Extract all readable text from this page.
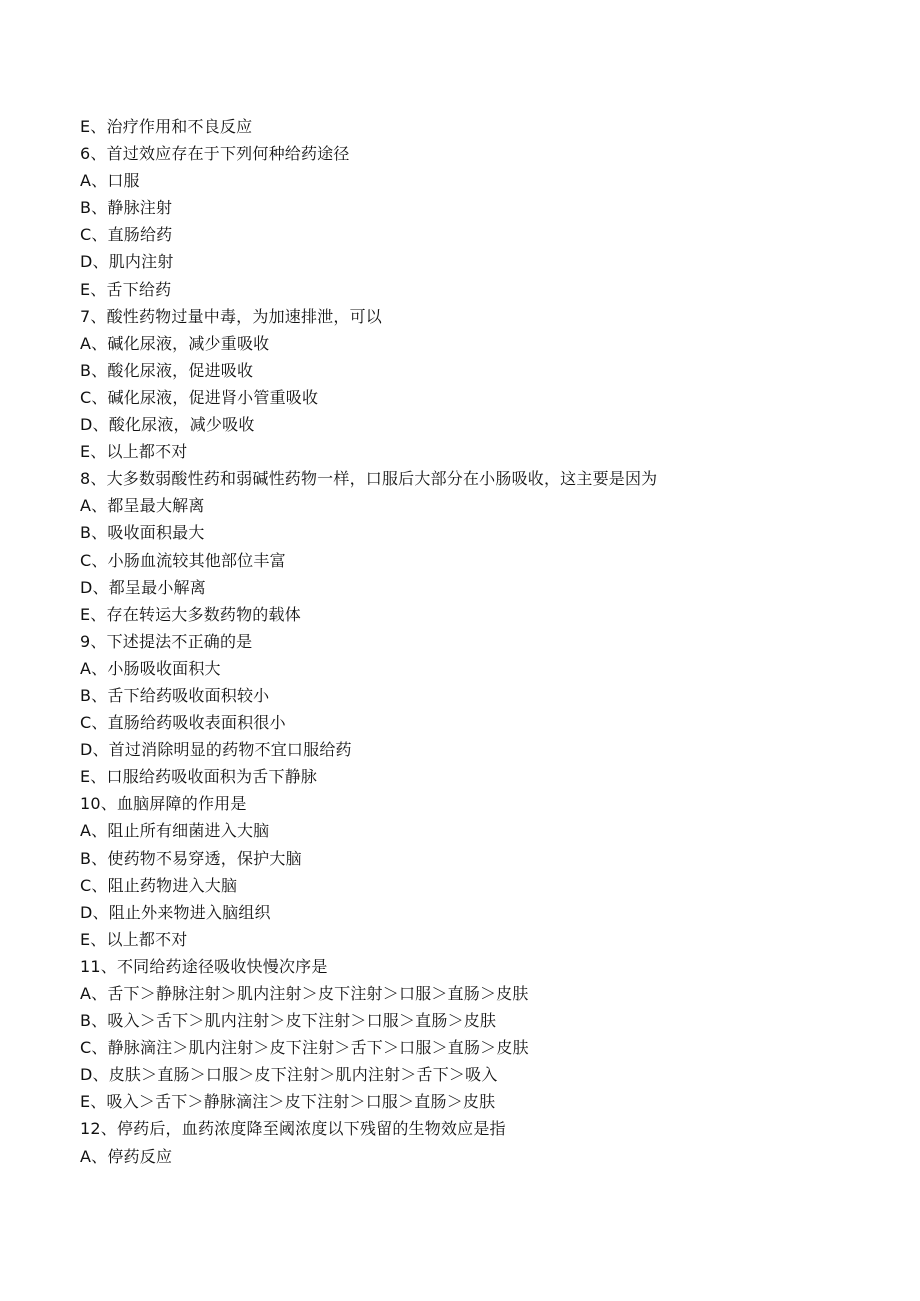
E、治疗作用和不良反应
6、首过效应存在于下列何种给药途径
A、口服
B、静脉注射
C、直肠给药
D、肌内注射
E、舌下给药
7、酸性药物过量中毒，为加速排泄，可以
A、碱化尿液，减少重吸收
B、酸化尿液，促进吸收
C、碱化尿液，促进肾小管重吸收
D、酸化尿液，减少吸收
E、以上都不对
8、大多数弱酸性药和弱碱性药物一样，口服后大部分在小肠吸收，这主要是因为
A、都呈最大解离
B、吸收面积最大
C、小肠血流较其他部位丰富
D、都呈最小解离
E、存在转运大多数药物的载体
9、下述提法不正确的是
A、小肠吸收面积大
B、舌下给药吸收面积较小
C、直肠给药吸收表面积很小
D、首过消除明显的药物不宜口服给药
E、口服给药吸收面积为舌下静脉
10、血脑屏障的作用是
A、阻止所有细菌进入大脑
B、使药物不易穿透，保护大脑
C、阻止药物进入大脑
D、阻止外来物进入脑组织
E、以上都不对
11、不同给药途径吸收快慢次序是
A、舌下＞静脉注射＞肌内注射＞皮下注射＞口服＞直肠＞皮肤
B、吸入＞舌下＞肌内注射＞皮下注射＞口服＞直肠＞皮肤
C、静脉滴注＞肌内注射＞皮下注射＞舌下＞口服＞直肠＞皮肤
D、皮肤＞直肠＞口服＞皮下注射＞肌内注射＞舌下＞吸入
E、吸入＞舌下＞静脉滴注＞皮下注射＞口服＞直肠＞皮肤
12、停药后，血药浓度降至阈浓度以下残留的生物效应是指
A、停药反应
